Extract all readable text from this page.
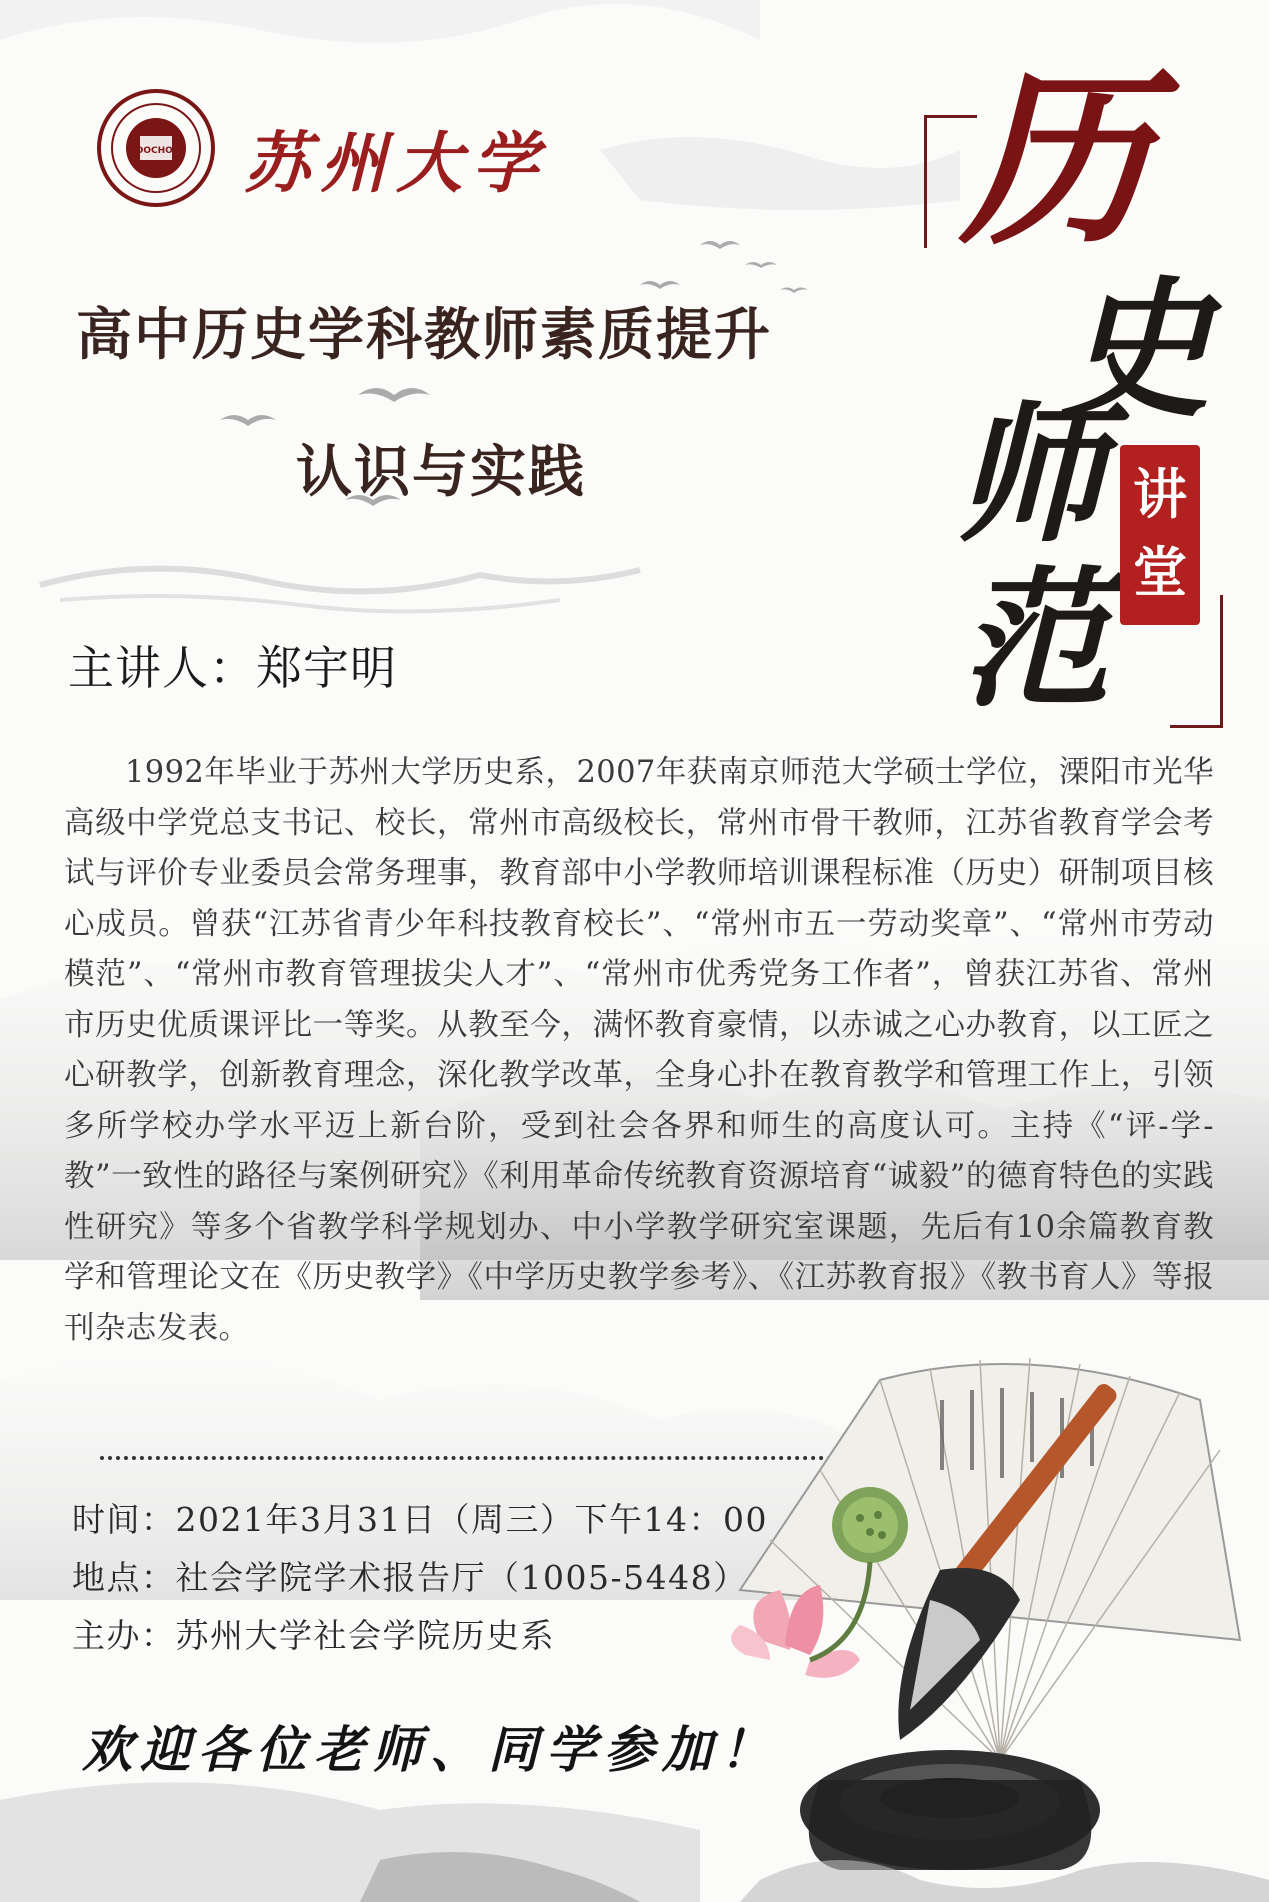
SOOCHOW 苏州大学 历
史
师
范
讲
堂
高中历史学科教师素质提升
认识与实践
主讲人：郑宇明
1992年毕业于苏州大学历史系，2007年获南京师范大学硕士学位，溧阳市光华高级中学党总支书记、校长，常州市高级校长，常州市骨干教师，江苏省教育学会考试与评价专业委员会常务理事，教育部中小学教师培训课程标准（历史）研制项目核心成员。曾获“江苏省青少年科技教育校长”、“常州市五一劳动奖章”、“常州市劳动模范”、“常州市教育管理拔尖人才”、“常州市优秀党务工作者”，曾获江苏省、常州市历史优质课评比一等奖。从教至今，满怀教育豪情，以赤诚之心办教育，以工匠之心研教学，创新教育理念，深化教学改革，全身心扑在教育教学和管理工作上，引领多所学校办学水平迈上新台阶，受到社会各界和师生的高度认可。主持《“评-学-教”一致性的路径与案例研究》《利用革命传统教育资源培育“诚毅”的德育特色的实践性研究》等多个省教学科学规划办、中小学教学研究室课题，先后有10余篇教育教学和管理论文在《历史教学》《中学历史教学参考》、《江苏教育报》《教书育人》等报刊杂志发表。
时间：2021年3月31日（周三）下午14：00
地点：社会学院学术报告厅（1005-5448）
主办：苏州大学社会学院历史系
欢迎各位老师、同学参加！
